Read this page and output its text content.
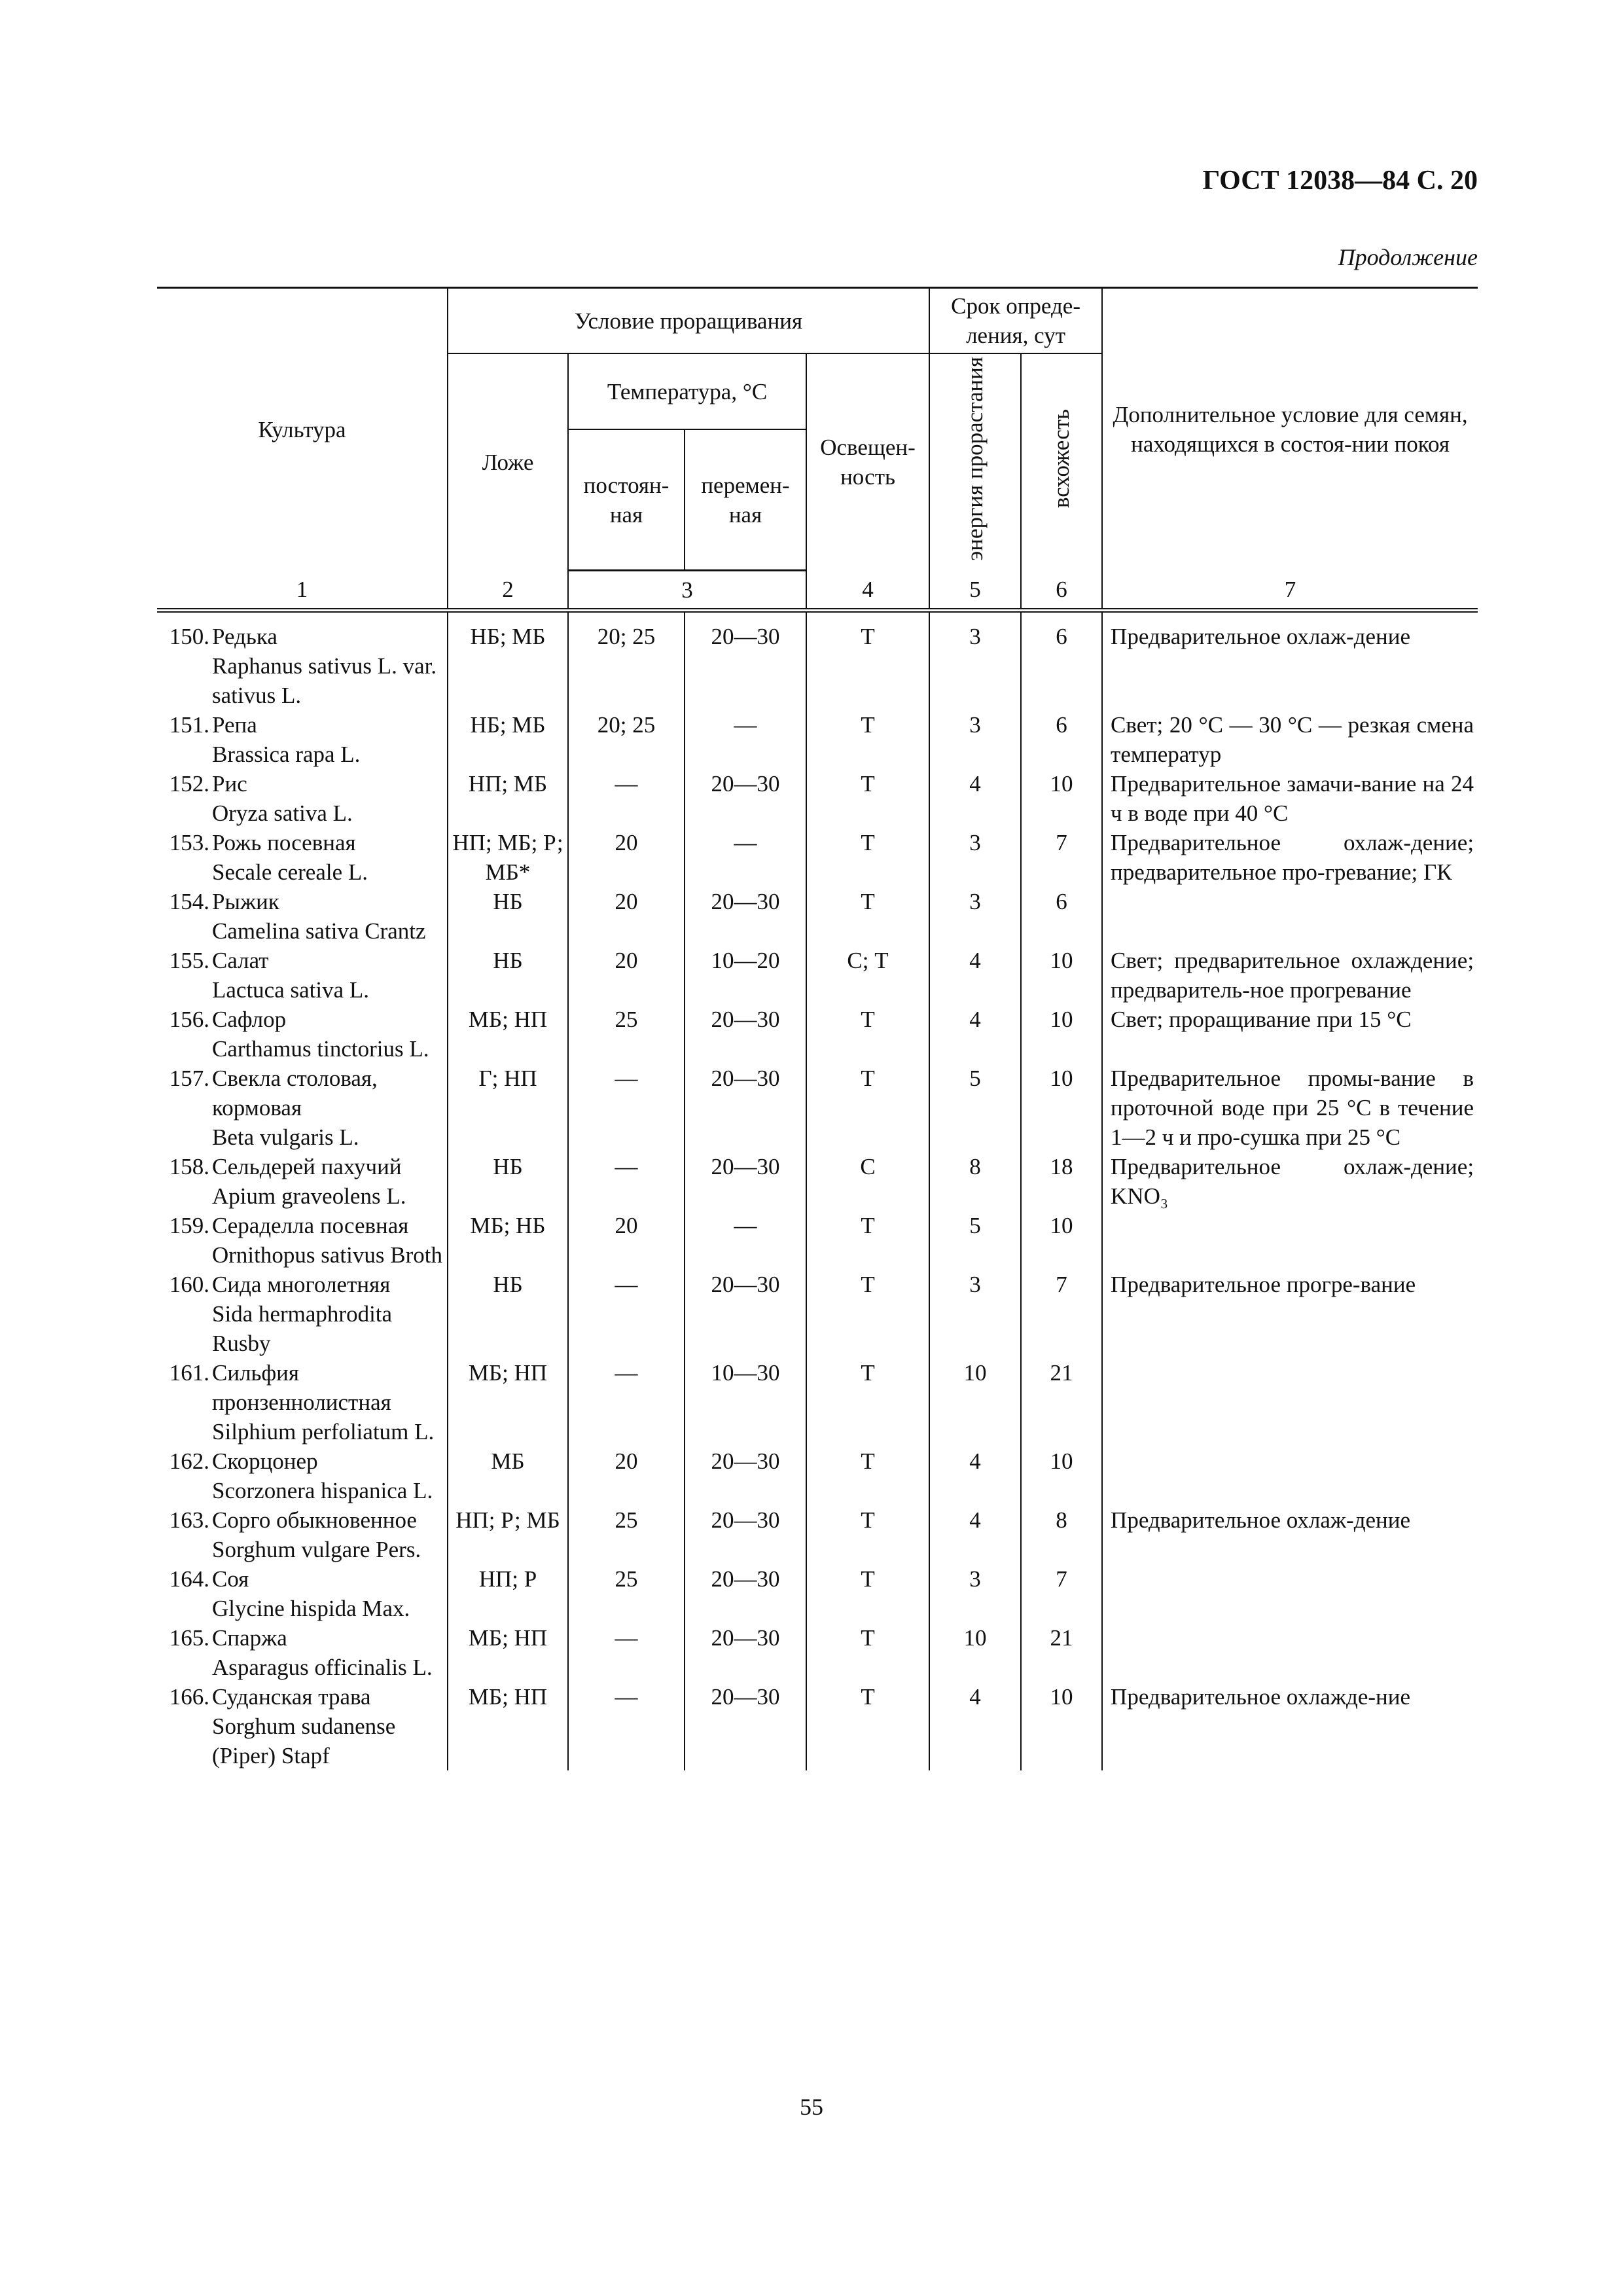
ГОСТ 12038—84 С. 20
Продолжение
Культура	Условие проращивания				Срок опреде-ления, сут		Дополнительное условие для семян, находящихся в состоя-нии покоя
	Ложе	Температура, °С		Освещен-ность	энергия прорастания	всхожесть	
		постоян-ная	перемен-ная				
1	2	3		4	5	6	7

150. Редька
Raphanus sativus L. var. sativus L.	НБ; МБ	20; 25	20—30	Т	3	6	Предварительное охлаж-дение

151. Репа
Brassica rapa L.	НБ; МБ	20; 25	—	Т	3	6	Свет; 20 °С — 30 °С — резкая смена температур

152. Рис
Oryza sativa L.	НП; МБ	—	20—30	Т	4	10	Предварительное замачи-вание на 24 ч в воде при 40 °С

153. Рожь посевная
Secale cereale L.	НП; МБ; Р; МБ*	20	—	Т	3	7	Предварительное охлаж-дение; предварительное про-гревание; ГК

154. Рыжик
Camelina sativa Crantz	НБ	20	20—30	Т	3	6	

155. Салат
Lactuca sativa L.	НБ	20	10—20	С; Т	4	10	Свет; предварительное охлаждение; предваритель-ное прогревание

156. Сафлор
Carthamus tinctorius L.	МБ; НП	25	20—30	Т	4	10	Свет; проращивание при 15 °С

157. Свекла столовая, кормовая
Beta vulgaris L.	Г; НП	—	20—30	Т	5	10	Предварительное промы-вание в проточной воде при 25 °С в течение 1—2 ч и про-сушка при 25 °С

158. Сельдерей пахучий
Apium graveolens L.	НБ	—	20—30	С	8	18	Предварительное охлаж-дение; KNO₃

159. Сераделла посевная
Ornithopus sativus Broth	МБ; НБ	20	—	Т	5	10	

160. Сида многолетняя
Sida hermaphrodita Rusby	НБ	—	20—30	Т	3	7	Предварительное прогре-вание

161. Сильфия пронзеннолистная
Silphium perfoliatum L.	МБ; НП	—	10—30	Т	10	21	

162. Скорцонер
Scorzonera hispanica L.	МБ	20	20—30	Т	4	10	

163. Сорго обыкновенное
Sorghum vulgare Pers.	НП; Р; МБ	25	20—30	Т	4	8	Предварительное охлаж-дение

164. Соя
Glycine hispida Max.	НП; Р	25	20—30	Т	3	7	

165. Спаржа
Asparagus officinalis L.	МБ; НП	—	20—30	Т	10	21	

166. Суданская трава
Sorghum sudanense (Piper) Stapf	МБ; НП	—	20—30	Т	4	10	Предварительное охлажде-ние
55
